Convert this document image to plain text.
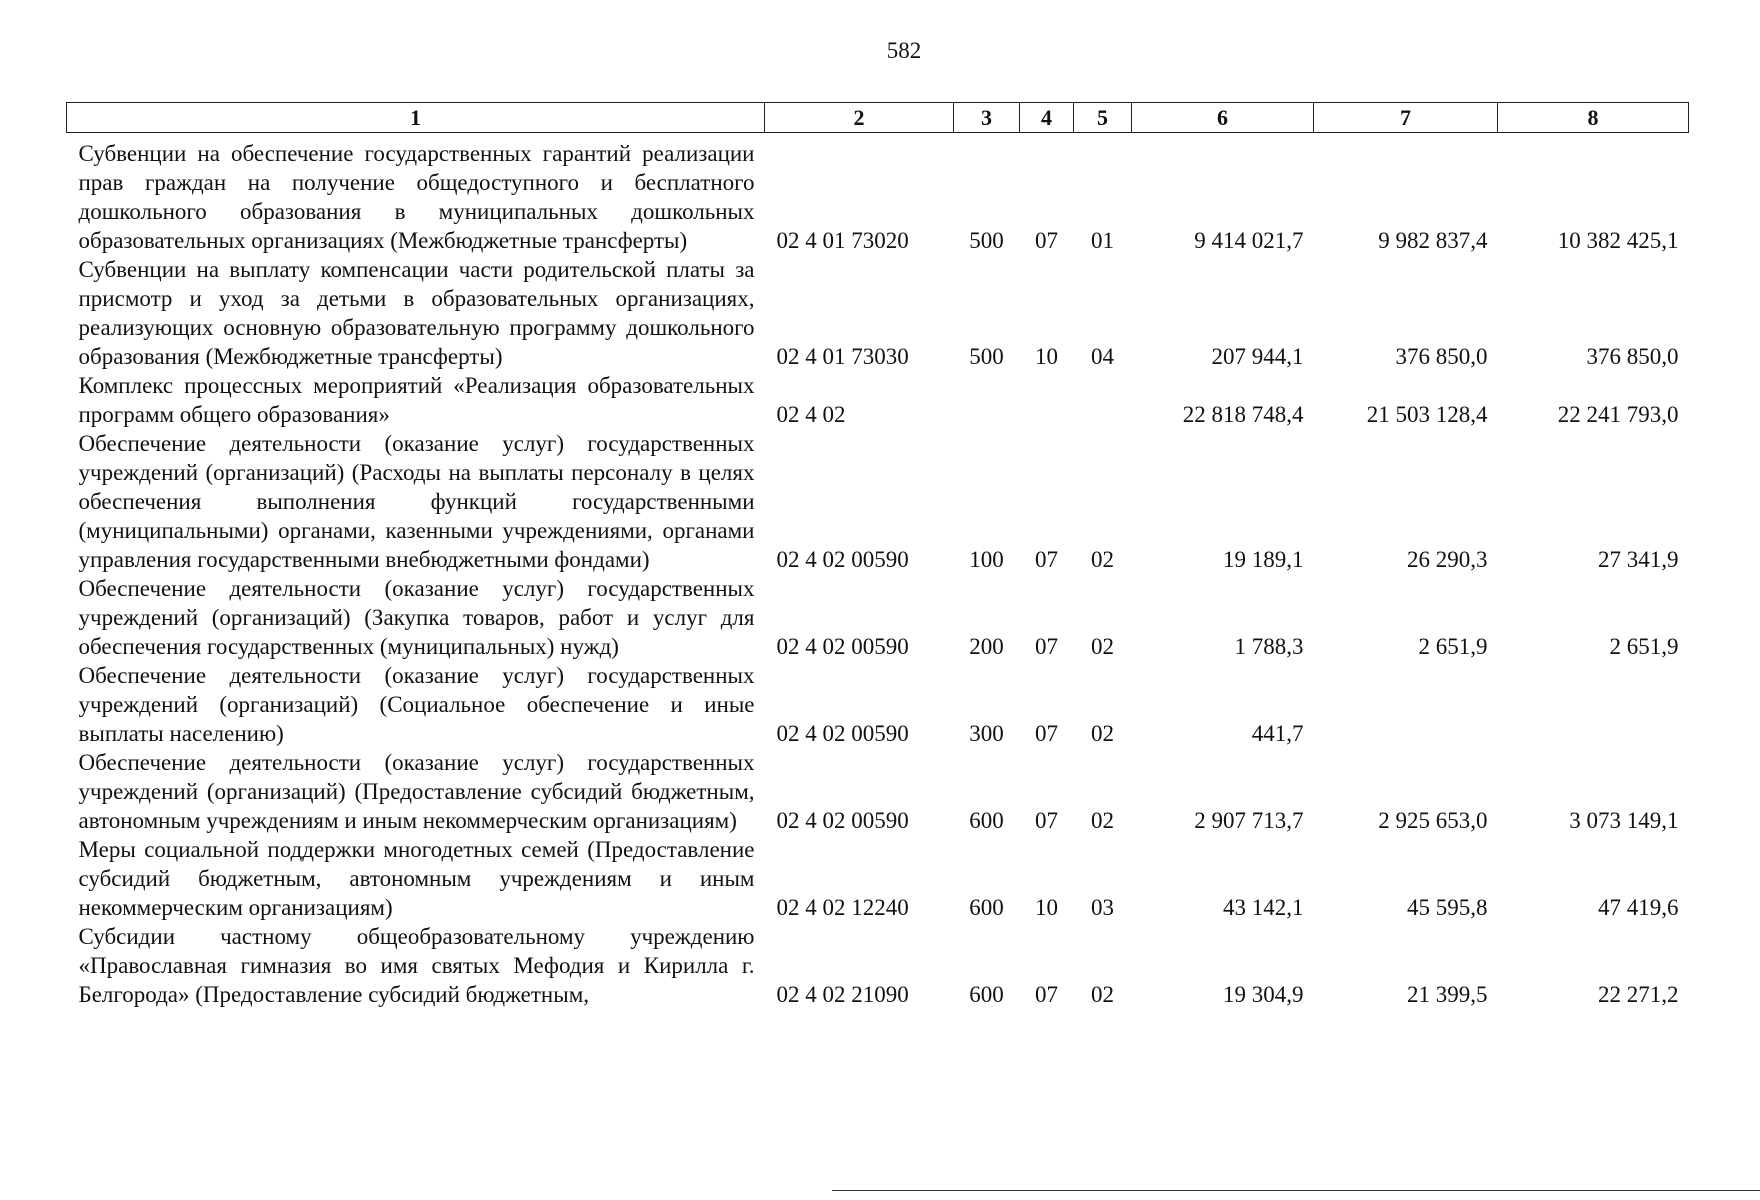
582
1	2	3	4	5	6	7	8
Субвенции на обеспечение государственных гарантий реализации прав граждан на получение общедоступного и бесплатного дошкольного образования в муниципальных дошкольных образовательных организациях (Межбюджетные трансферты)	02 4 01 73020	500	07	01	9 414 021,7	9 982 837,4	10 382 425,1
Субвенции на выплату компенсации части родительской платы за присмотр и уход за детьми в образовательных организациях, реализующих основную образовательную программу дошкольного образования (Межбюджетные трансферты)	02 4 01 73030	500	10	04	207 944,1	376 850,0	376 850,0
Комплекс процессных мероприятий «Реализация образовательных программ общего образования»	02 4 02				22 818 748,4	21 503 128,4	22 241 793,0
Обеспечение деятельности (оказание услуг) государственных учреждений (организаций) (Расходы на выплаты персоналу в целях обеспечения выполнения функций государственными (муниципальными) органами, казенными учреждениями, органами управления государственными внебюджетными фондами)	02 4 02 00590	100	07	02	19 189,1	26 290,3	27 341,9
Обеспечение деятельности (оказание услуг) государственных учреждений (организаций) (Закупка товаров, работ и услуг для обеспечения государственных (муниципальных) нужд)	02 4 02 00590	200	07	02	1 788,3	2 651,9	2 651,9
Обеспечение деятельности (оказание услуг) государственных учреждений (организаций) (Социальное обеспечение и иные выплаты населению)	02 4 02 00590	300	07	02	441,7		
Обеспечение деятельности (оказание услуг) государственных учреждений (организаций) (Предоставление субсидий бюджетным, автономным учреждениям и иным некоммерческим организациям)	02 4 02 00590	600	07	02	2 907 713,7	2 925 653,0	3 073 149,1
Меры социальной поддержки многодетных семей (Предоставление субсидий бюджетным, автономным учреждениям и иным некоммерческим организациям)	02 4 02 12240	600	10	03	43 142,1	45 595,8	47 419,6
Субсидии частному общеобразовательному учреждению «Православная гимназия во имя святых Мефодия и Кирилла г. Белгорода» (Предоставление субсидий бюджетным,	02 4 02 21090	600	07	02	19 304,9	21 399,5	22 271,2
